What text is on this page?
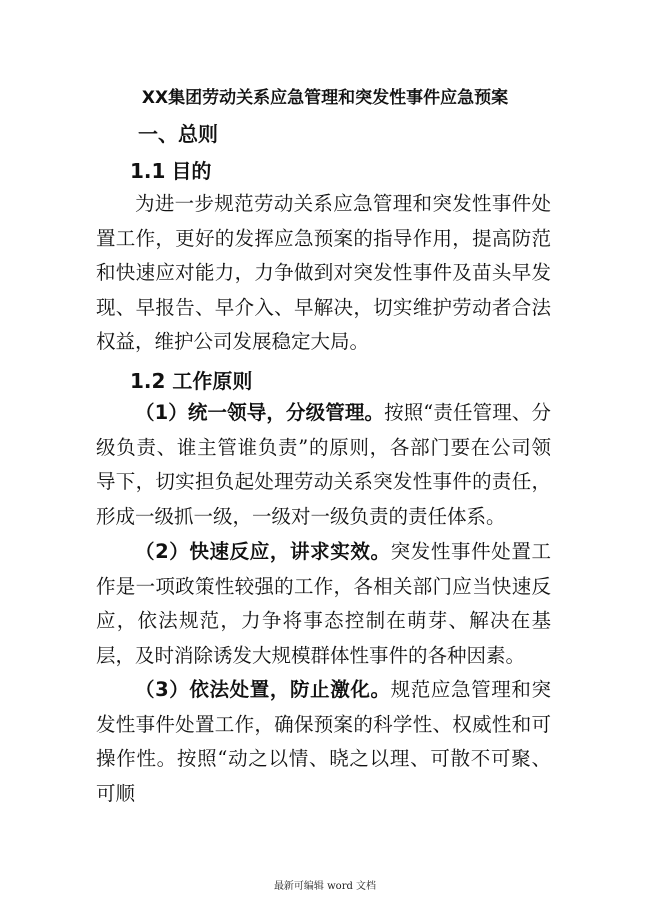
XX集团劳动关系应急管理和突发性事件应急预案
一、总则
1.1 目的

为进一步规范劳动关系应急管理和突发性事件处置工作，更好的发挥应急预案的指导作用，提高防范和快速应对能力，力争做到对突发性事件及苗头早发现、早报告、早介入、早解决，切实维护劳动者合法权益，维护公司发展稳定大局。

1.2 工作原则

（1）统一领导，分级管理。按照“责任管理、分级负责、谁主管谁负责”的原则，各部门要在公司领导下，切实担负起处理劳动关系突发性事件的责任，形成一级抓一级，一级对一级负责的责任体系。

（2）快速反应，讲求实效。突发性事件处置工作是一项政策性较强的工作，各相关部门应当快速反应，依法规范，力争将事态控制在萌芽、解决在基层，及时消除诱发大规模群体性事件的各种因素。

（3）依法处置，防止激化。规范应急管理和突发性事件处置工作，确保预案的科学性、权威性和可操作性。按照“动之以情、晓之以理、可散不可聚、可顺

最新可编辑 word 文档
